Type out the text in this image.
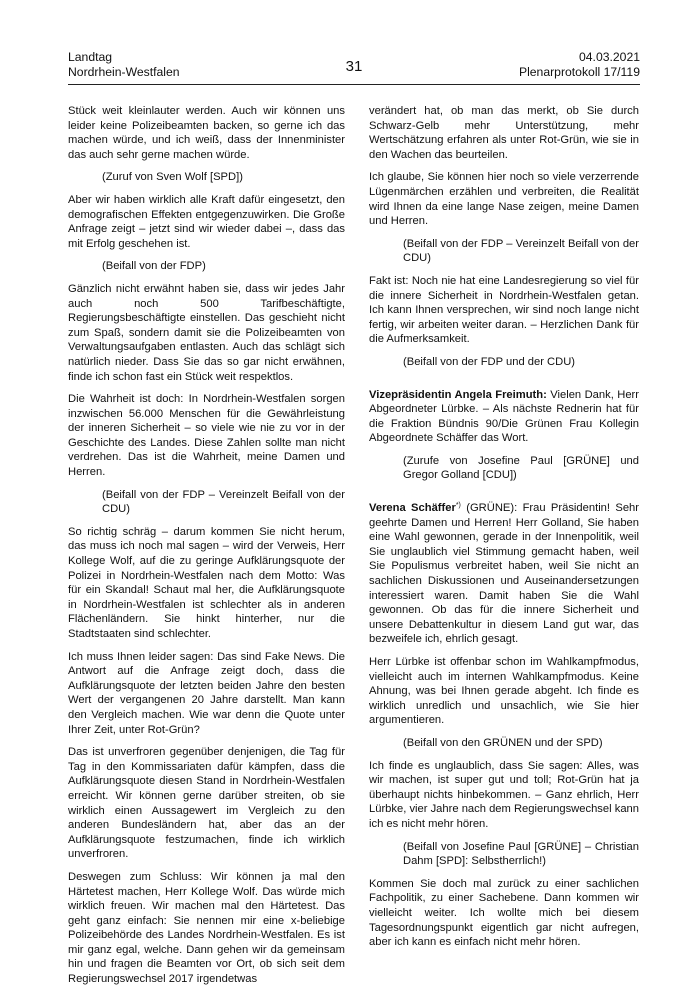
Landtag
Nordrhein-Westfalen	31
04.03.2021
Plenarprotokoll 17/119

Stück weit kleinlauter werden. Auch wir können uns leider keine Polizeibeamten backen, so gerne ich das machen würde, und ich weiß, dass der Innenminister das auch sehr gerne machen würde.

(Zuruf von Sven Wolf [SPD])

Aber wir haben wirklich alle Kraft dafür eingesetzt, den demografischen Effekten entgegenzuwirken. Die Große Anfrage zeigt – jetzt sind wir wieder dabei –, dass das mit Erfolg geschehen ist.

(Beifall von der FDP)

Gänzlich nicht erwähnt haben sie, dass wir jedes Jahr auch noch 500 Tarifbeschäftigte, Regierungsbeschäftigte einstellen. Das geschieht nicht zum Spaß, sondern damit sie die Polizeibeamten von Verwaltungsaufgaben entlasten. Auch das schlägt sich natürlich nieder. Dass Sie das so gar nicht erwähnen, finde ich schon fast ein Stück weit respektlos.

Die Wahrheit ist doch: In Nordrhein-Westfalen sorgen inzwischen 56.000 Menschen für die Gewährleistung der inneren Sicherheit – so viele wie nie zu vor in der Geschichte des Landes. Diese Zahlen sollte man nicht verdrehen. Das ist die Wahrheit, meine Damen und Herren.

(Beifall von der FDP – Vereinzelt Beifall von der CDU)

So richtig schräg – darum kommen Sie nicht herum, das muss ich noch mal sagen – wird der Verweis, Herr Kollege Wolf, auf die zu geringe Aufklärungsquote der Polizei in Nordrhein-Westfalen nach dem Motto: Was für ein Skandal! Schaut mal her, die Aufklärungsquote in Nordrhein-Westfalen ist schlechter als in anderen Flächenländern. Sie hinkt hinterher, nur die Stadtstaaten sind schlechter.

Ich muss Ihnen leider sagen: Das sind Fake News. Die Antwort auf die Anfrage zeigt doch, dass die Aufklärungsquote der letzten beiden Jahre den besten Wert der vergangenen 20 Jahre darstellt. Man kann den Vergleich machen. Wie war denn die Quote unter Ihrer Zeit, unter Rot-Grün?

Das ist unverfroren gegenüber denjenigen, die Tag für Tag in den Kommissariaten dafür kämpfen, dass die Aufklärungsquote diesen Stand in Nordrhein-Westfalen erreicht. Wir können gerne darüber streiten, ob sie wirklich einen Aussagewert im Vergleich zu den anderen Bundesländern hat, aber das an der Aufklärungsquote festzumachen, finde ich wirklich unverfroren.

Deswegen zum Schluss: Wir können ja mal den Härtetest machen, Herr Kollege Wolf. Das würde mich wirklich freuen. Wir machen mal den Härtetest. Das geht ganz einfach: Sie nennen mir eine x-beliebige Polizeibehörde des Landes Nordrhein-Westfalen. Es ist mir ganz egal, welche. Dann gehen wir da gemeinsam hin und fragen die Beamten vor Ort, ob sich seit dem Regierungswechsel 2017 irgendetwas

verändert hat, ob man das merkt, ob Sie durch Schwarz-Gelb mehr Unterstützung, mehr Wertschätzung erfahren als unter Rot-Grün, wie sie in den Wachen das beurteilen.

Ich glaube, Sie können hier noch so viele verzerrende Lügenmärchen erzählen und verbreiten, die Realität wird Ihnen da eine lange Nase zeigen, meine Damen und Herren.

(Beifall von der FDP – Vereinzelt Beifall von der CDU)

Fakt ist: Noch nie hat eine Landesregierung so viel für die innere Sicherheit in Nordrhein-Westfalen getan. Ich kann Ihnen versprechen, wir sind noch lange nicht fertig, wir arbeiten weiter daran. – Herzlichen Dank für die Aufmerksamkeit.

(Beifall von der FDP und der CDU)

Vizepräsidentin Angela Freimuth: Vielen Dank, Herr Abgeordneter Lürbke. – Als nächste Rednerin hat für die Fraktion Bündnis 90/Die Grünen Frau Kollegin Abgeordnete Schäffer das Wort.

(Zurufe von Josefine Paul [GRÜNE] und Gregor Golland [CDU])

Verena Schäffer*) (GRÜNE): Frau Präsidentin! Sehr geehrte Damen und Herren! Herr Golland, Sie haben eine Wahl gewonnen, gerade in der Innenpolitik, weil Sie unglaublich viel Stimmung gemacht haben, weil Sie Populismus verbreitet haben, weil Sie nicht an sachlichen Diskussionen und Auseinandersetzungen interessiert waren. Damit haben Sie die Wahl gewonnen. Ob das für die innere Sicherheit und unsere Debattenkultur in diesem Land gut war, das bezweifele ich, ehrlich gesagt.

Herr Lürbke ist offenbar schon im Wahlkampfmodus, vielleicht auch im internen Wahlkampfmodus. Keine Ahnung, was bei Ihnen gerade abgeht. Ich finde es wirklich unredlich und unsachlich, wie Sie hier argumentieren.

(Beifall von den GRÜNEN und der SPD)

Ich finde es unglaublich, dass Sie sagen: Alles, was wir machen, ist super gut und toll; Rot-Grün hat ja überhaupt nichts hinbekommen. – Ganz ehrlich, Herr Lürbke, vier Jahre nach dem Regierungswechsel kann ich es nicht mehr hören.

(Beifall von Josefine Paul [GRÜNE] – Christian Dahm [SPD]: Selbstherrlich!)

Kommen Sie doch mal zurück zu einer sachlichen Fachpolitik, zu einer Sachebene. Dann kommen wir vielleicht weiter. Ich wollte mich bei diesem Tagesordnungspunkt eigentlich gar nicht aufregen, aber ich kann es einfach nicht mehr hören.
